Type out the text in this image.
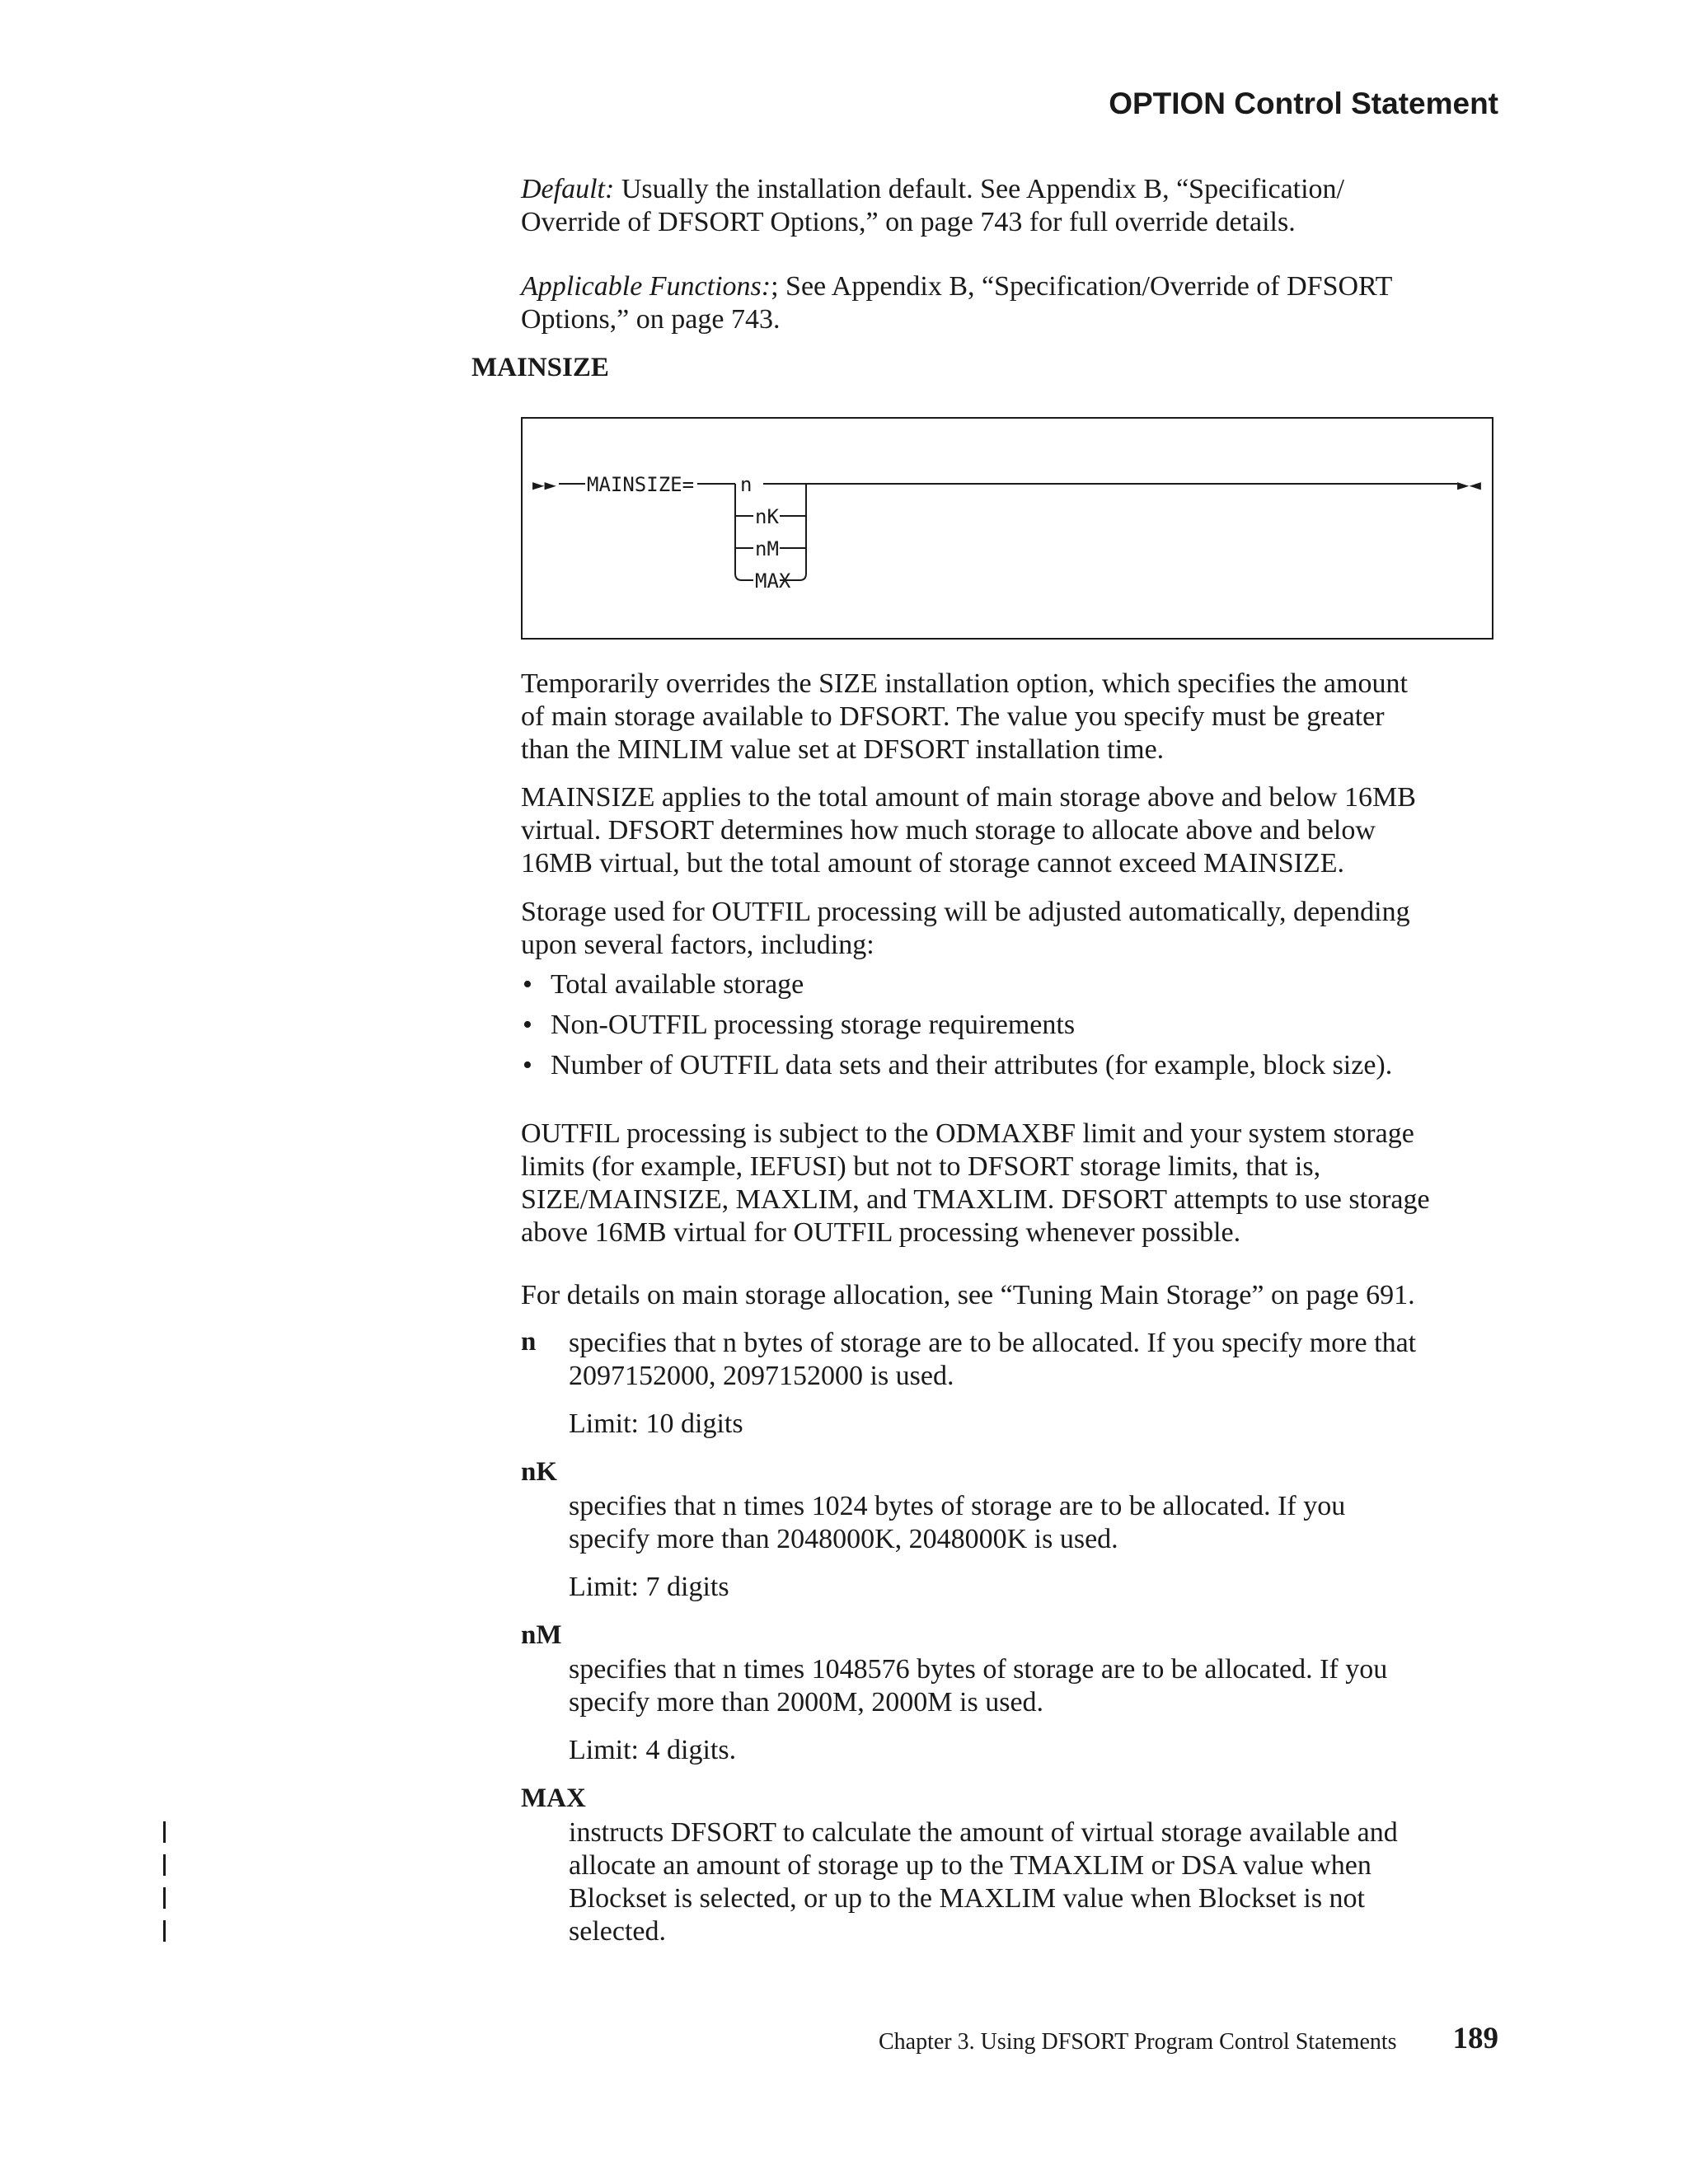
OPTION Control Statement

Default: Usually the installation default. See Appendix B, “Specification/

Override of DFSORT Options,” on page 743 for full override details.

Applicable Functions:; See Appendix B, “Specification/Override of DFSORT

Options,” on page 743.

MAINSIZE
►► MAINSIZE= n
nK
nM
MAX
►◄

Temporarily overrides the SIZE installation option, which specifies the amount

of main storage available to DFSORT. The value you specify must be greater

than the MINLIM value set at DFSORT installation time.

MAINSIZE applies to the total amount of main storage above and below 16MB

virtual. DFSORT determines how much storage to allocate above and below

16MB virtual, but the total amount of storage cannot exceed MAINSIZE.

Storage used for OUTFIL processing will be adjusted automatically, depending

upon several factors, including:

• Total available storage
• Non-OUTFIL processing storage requirements
• Number of OUTFIL data sets and their attributes (for example, block size).

OUTFIL processing is subject to the ODMAXBF limit and your system storage

limits (for example, IEFUSI) but not to DFSORT storage limits, that is,

SIZE/MAINSIZE, MAXLIM, and TMAXLIM. DFSORT attempts to use storage

above 16MB virtual for OUTFIL processing whenever possible.

For details on main storage allocation, see “Tuning Main Storage” on page 691.

n specifies that n bytes of storage are to be allocated. If you specify more that

2097152000, 2097152000 is used.

Limit: 10 digits
nK

specifies that n times 1024 bytes of storage are to be allocated. If you

specify more than 2048000K, 2048000K is used.

Limit: 7 digits
nM

specifies that n times 1048576 bytes of storage are to be allocated. If you

specify more than 2000M, 2000M is used.

Limit: 4 digits.
MAX

instructs DFSORT to calculate the amount of virtual storage available and

allocate an amount of storage up to the TMAXLIM or DSA value when

Blockset is selected, or up to the MAXLIM value when Blockset is not

selected.

Chapter 3. Using DFSORT Program Control Statements 189
